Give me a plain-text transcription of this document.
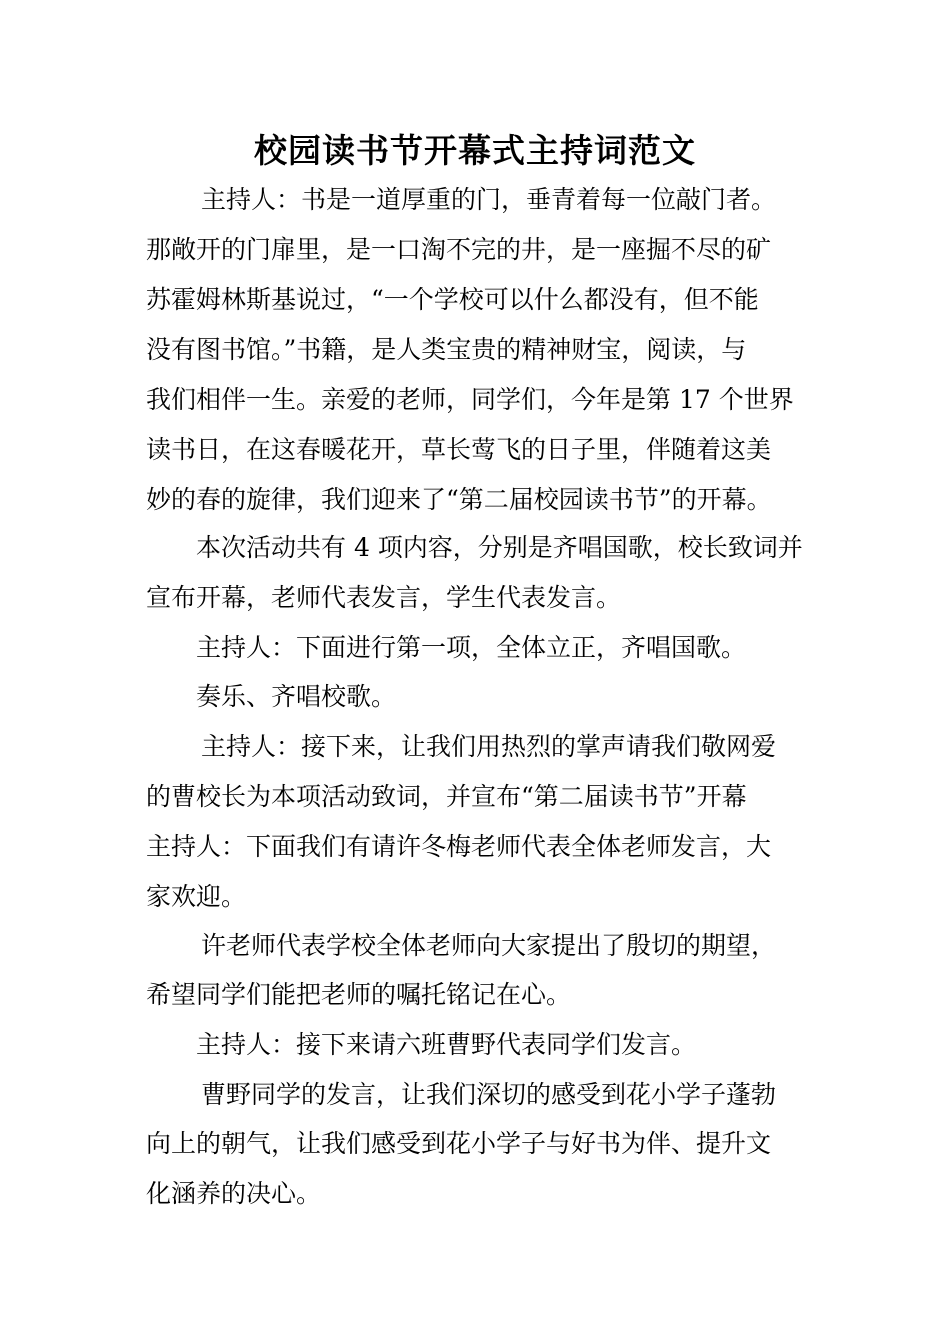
校园读书节开幕式主持词范文

主持人：书是一道厚重的门，垂青着每一位敲门者。

那敞开的门扉里，是一口淘不完的井，是一座掘不尽的矿

苏霍姆林斯基说过，“一个学校可以什么都没有，但不能

没有图书馆。”书籍，是人类宝贵的精神财宝，阅读，与

我们相伴一生。亲爱的老师，同学们，今年是第 17 个世界

读书日，在这春暖花开，草长莺飞的日子里，伴随着这美

妙的春的旋律，我们迎来了“第二届校园读书节”的开幕。

本次活动共有 4 项内容，分别是齐唱国歌，校长致词并

宣布开幕，老师代表发言，学生代表发言。

主持人：下面进行第一项，全体立正，齐唱国歌。

奏乐、齐唱校歌。

主持人：接下来，让我们用热烈的掌声请我们敬网爱

的曹校长为本项活动致词，并宣布“第二届读书节”开幕

主持人：下面我们有请许冬梅老师代表全体老师发言，大

家欢迎。

许老师代表学校全体老师向大家提出了殷切的期望，

希望同学们能把老师的嘱托铭记在心。

主持人：接下来请六班曹野代表同学们发言。

曹野同学的发言，让我们深切的感受到花小学子蓬勃

向上的朝气，让我们感受到花小学子与好书为伴、提升文

化涵养的决心。
